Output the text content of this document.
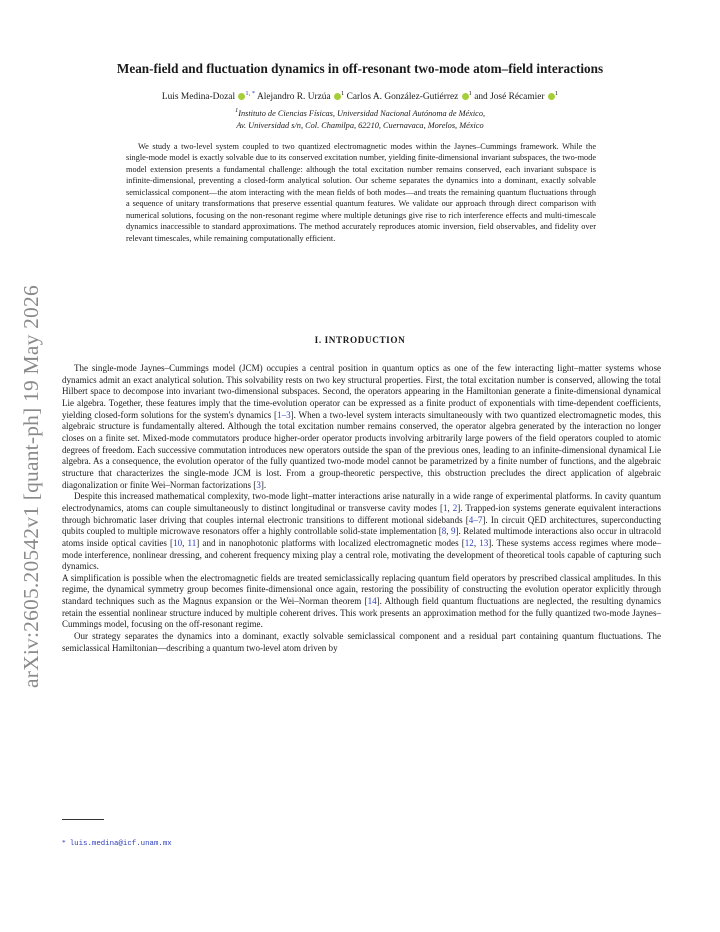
arXiv:2605.20542v1 [quant-ph] 19 May 2026
Mean-field and fluctuation dynamics in off-resonant two-mode atom–field interactions
Luis Medina-Dozal $^{1, *}$ Alejandro R. Urzúa $^1$ Carlos A. González-Gutiérrez $^1$ and José Récamier $^1$
$^1$Instituto de Ciencias Físicas, Universidad Nacional Autónoma de México,
Av. Universidad s/n, Col. Chamilpa, 62210, Cuernavaca, Morelos, México

We study a two-level system coupled to two quantized electromagnetic modes within the Jaynes–Cummings framework. While the single-mode model is exactly solvable due to its conserved excitation number, yielding finite-dimensional invariant subspaces, the two-mode model extension presents a fundamental challenge: although the total excitation number remains conserved, each invariant subspace is infinite-dimensional, preventing a closed-form analytical solution. Our scheme separates the dynamics into a dominant, exactly solvable semiclassical component—the atom interacting with the mean fields of both modes—and treats the remaining quantum fluctuations through a sequence of unitary transformations that preserve essential quantum features. We validate our approach through direct comparison with numerical solutions, focusing on the non-resonant regime where multiple detunings give rise to rich interference effects and multi-timescale dynamics inaccessible to standard approximations. The method accurately reproduces atomic inversion, field observables, and fidelity over relevant timescales, while remaining computationally efficient.

I. INTRODUCTION

The single-mode Jaynes–Cummings model (JCM) occupies a central position in quantum optics as one of the few interacting light–matter systems whose dynamics admit an exact analytical solution. This solvability rests on two key structural properties. First, the total excitation number is conserved, allowing the total Hilbert space to decompose into invariant two-dimensional subspaces. Second, the operators appearing in the Hamiltonian generate a finite-dimensional dynamical Lie algebra. Together, these features imply that the time-evolution operator can be expressed as a finite product of exponentials with time-dependent coefficients, yielding closed-form solutions for the system's dynamics [1–3]. When a two-level system interacts simultaneously with two quantized electromagnetic modes, this algebraic structure is fundamentally altered. Although the total excitation number remains conserved, the operator algebra generated by the interaction no longer closes on a finite set. Mixed-mode commutators produce higher-order operator products involving arbitrarily large powers of the field operators coupled to atomic degrees of freedom. Each successive commutation introduces new operators outside the span of the previous ones, leading to an infinite-dimensional dynamical Lie algebra. As a consequence, the evolution operator of the fully quantized two-mode model cannot be parametrized by a finite number of functions, and the algebraic structure that characterizes the single-mode JCM is lost. From a group-theoretic perspective, this obstruction precludes the direct application of algebraic diagonalization or finite Wei–Norman factorizations [3].

Despite this increased mathematical complexity, two-mode light–matter interactions arise naturally in a wide range of experimental platforms. In cavity quantum electrodynamics, atoms can couple simultaneously to distinct longitudinal or transverse cavity modes [1, 2]. Trapped-ion systems generate equivalent interactions through bichromatic laser driving that couples internal electronic transitions to different motional sidebands [4–7]. In circuit QED architectures, superconducting qubits coupled to multiple microwave resonators offer a highly controllable solid-state implementation [8, 9]. Related multimode interactions also occur in ultracold atoms inside optical cavities [10, 11] and in nanophotonic platforms with localized electromagnetic modes [12, 13]. These systems access regimes where mode–mode interference, nonlinear dressing, and coherent frequency mixing play a central role, motivating the development of theoretical tools capable of capturing such dynamics.

A simplification is possible when the electromagnetic fields are treated semiclassically replacing quantum field operators by prescribed classical amplitudes. In this regime, the dynamical symmetry group becomes finite-dimensional once again, restoring the possibility of constructing the evolution operator explicitly through standard techniques such as the Magnus expansion or the Wei–Norman theorem [14]. Although field quantum fluctuations are neglected, the resulting dynamics retain the essential nonlinear structure induced by multiple coherent drives. This work presents an approximation method for the fully quantized two-mode Jaynes–Cummings model, focusing on the off-resonant regime.

Our strategy separates the dynamics into a dominant, exactly solvable semiclassical component and a residual part containing quantum fluctuations. The semiclassical Hamiltonian—describing a quantum two-level atom driven by

* luis.medina@icf.unam.mx
